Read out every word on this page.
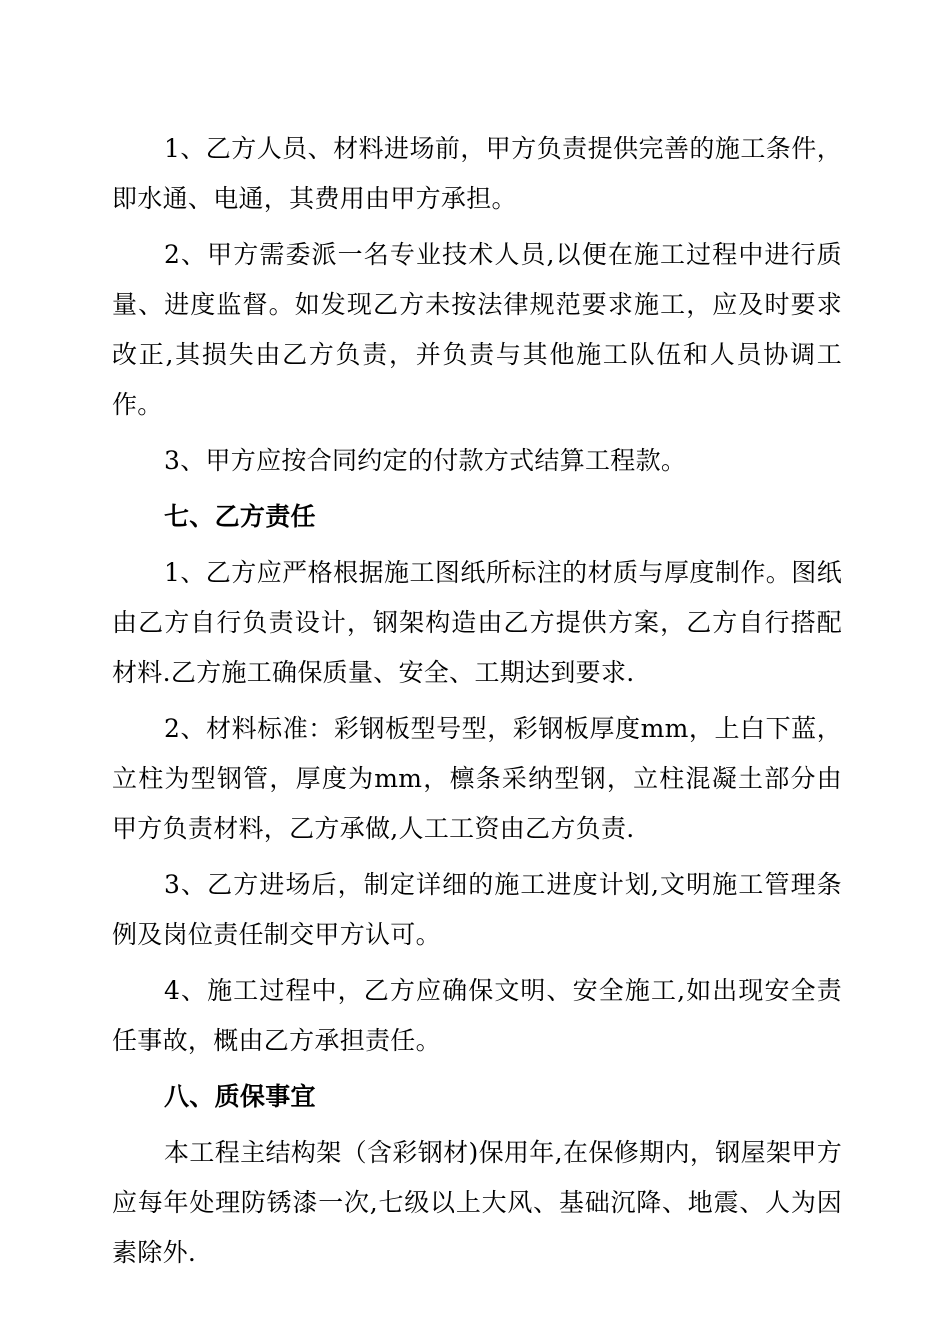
1、乙方人员、材料进场前，甲方负责提供完善的施工条件，即水通、电通，其费用由甲方承担。

2、甲方需委派一名专业技术人员,以便在施工过程中进行质量、进度监督。如发现乙方未按法律规范要求施工，应及时要求改正,其损失由乙方负责，并负责与其他施工队伍和人员协调工作。

3、甲方应按合同约定的付款方式结算工程款。

七、乙方责任

1、乙方应严格根据施工图纸所标注的材质与厚度制作。图纸由乙方自行负责设计，钢架构造由乙方提供方案，乙方自行搭配材料.乙方施工确保质量、安全、工期达到要求.

2、材料标准：彩钢板型号型，彩钢板厚度mm，上白下蓝，立柱为型钢管，厚度为mm，檩条采纳型钢，立柱混凝土部分由甲方负责材料，乙方承做,人工工资由乙方负责.

3、乙方进场后，制定详细的施工进度计划,文明施工管理条例及岗位责任制交甲方认可。

4、施工过程中，乙方应确保文明、安全施工,如出现安全责任事故，概由乙方承担责任。

八、质保事宜

本工程主结构架（含彩钢材)保用年,在保修期内，钢屋架甲方应每年处理防锈漆一次,七级以上大风、基础沉降、地震、人为因素除外.
